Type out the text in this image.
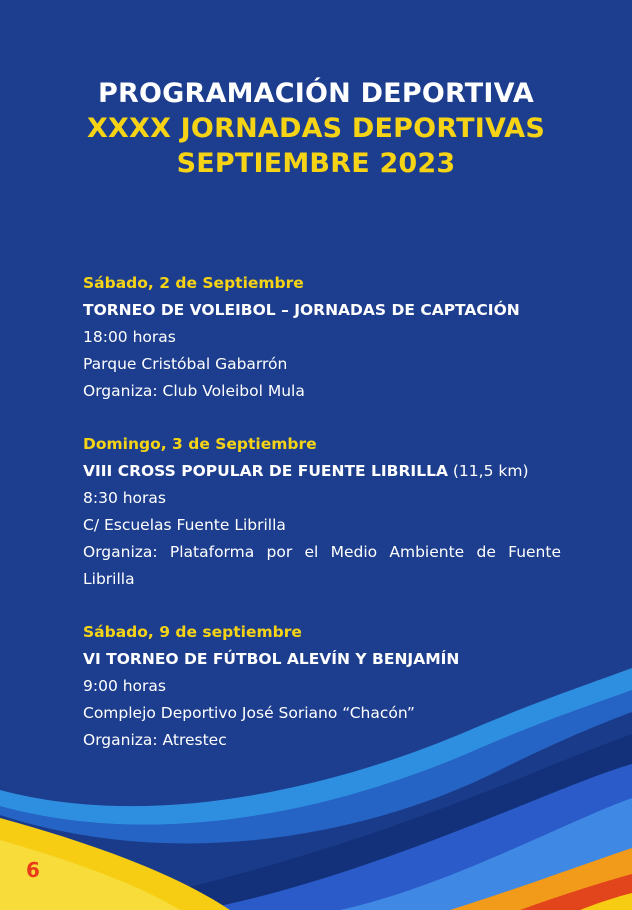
PROGRAMACIÓN DEPORTIVA
XXXX JORNADAS DEPORTIVAS
SEPTIEMBRE 2023
Sábado, 2 de Septiembre
TORNEO DE VOLEIBOL – JORNADAS DE CAPTACIÓN
18:00 horas
Parque Cristóbal Gabarrón
Organiza: Club Voleibol Mula
Domingo, 3 de Septiembre
VIII CROSS POPULAR DE FUENTE LIBRILLA (11,5 km)
8:30 horas
C/ Escuelas Fuente Librilla
Organiza: Plataforma por el Medio Ambiente de Fuente Librilla
Sábado, 9 de septiembre
VI TORNEO DE FÚTBOL ALEVÍN Y BENJAMÍN
9:00 horas
Complejo Deportivo José Soriano “Chacón”
Organiza: Atrestec
6
